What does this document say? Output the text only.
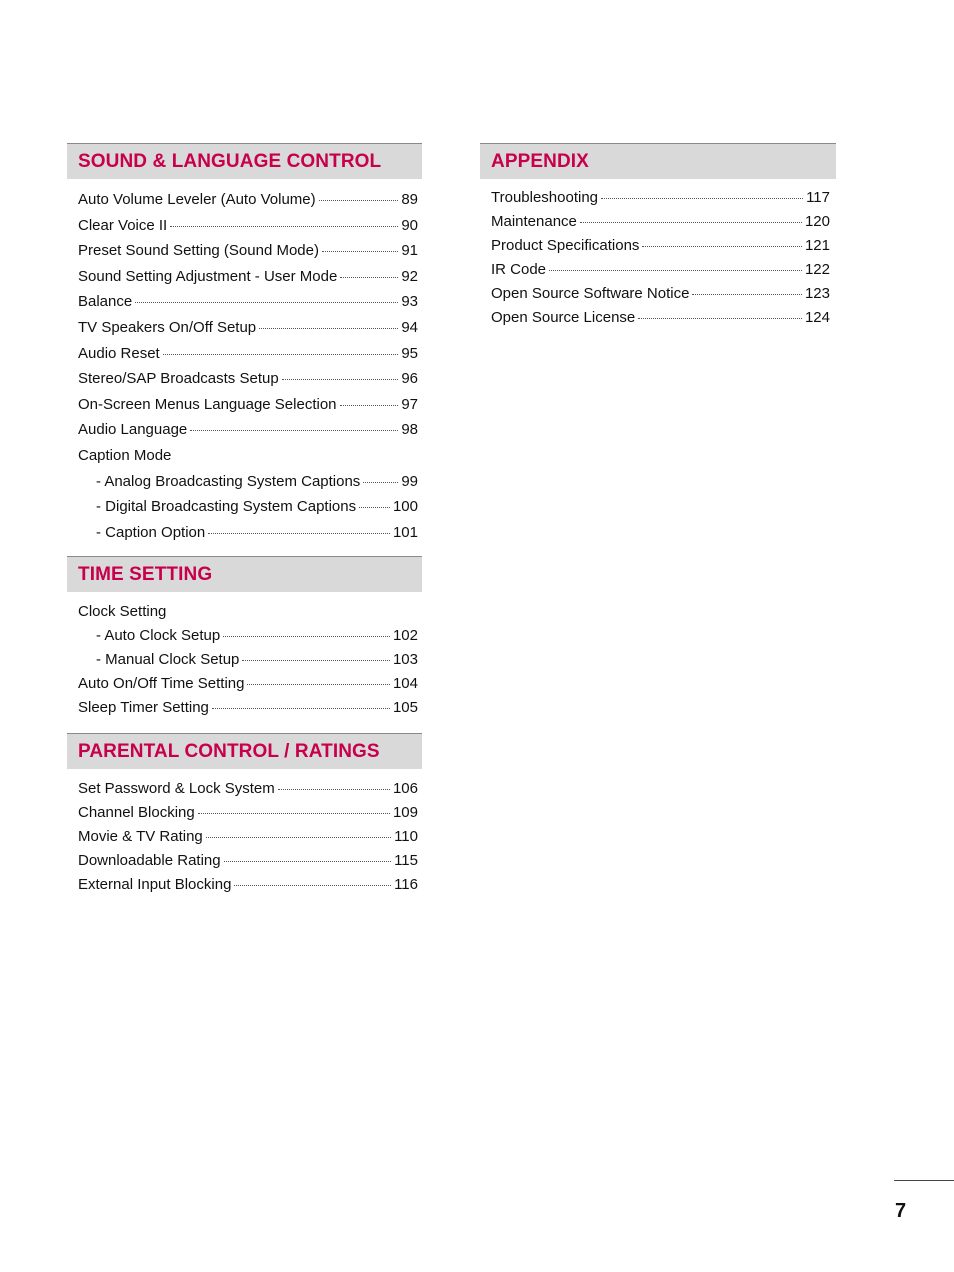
SOUND & LANGUAGE CONTROL
Auto Volume Leveler (Auto Volume)	89
Clear Voice II	90
Preset Sound Setting (Sound Mode)	91
Sound Setting Adjustment - User Mode	92
Balance	93
TV Speakers On/Off Setup	94
Audio Reset	95
Stereo/SAP Broadcasts Setup	96
On-Screen Menus Language Selection	97
Audio Language	98
Caption Mode
- Analog Broadcasting System Captions	99
- Digital Broadcasting System Captions 100
- Caption Option	101
TIME SETTING
Clock Setting
- Auto Clock Setup	102
- Manual Clock Setup	103
Auto On/Off Time Setting	104
Sleep Timer Setting	105
PARENTAL CONTROL / RATINGS
Set Password & Lock System	106
Channel Blocking	109
Movie & TV Rating	110
Downloadable Rating	115
External Input Blocking	116
APPENDIX
Troubleshooting	117
Maintenance	120
Product Specifications	121
IR Code	122
Open Source Software Notice	123
Open Source License	124
7
